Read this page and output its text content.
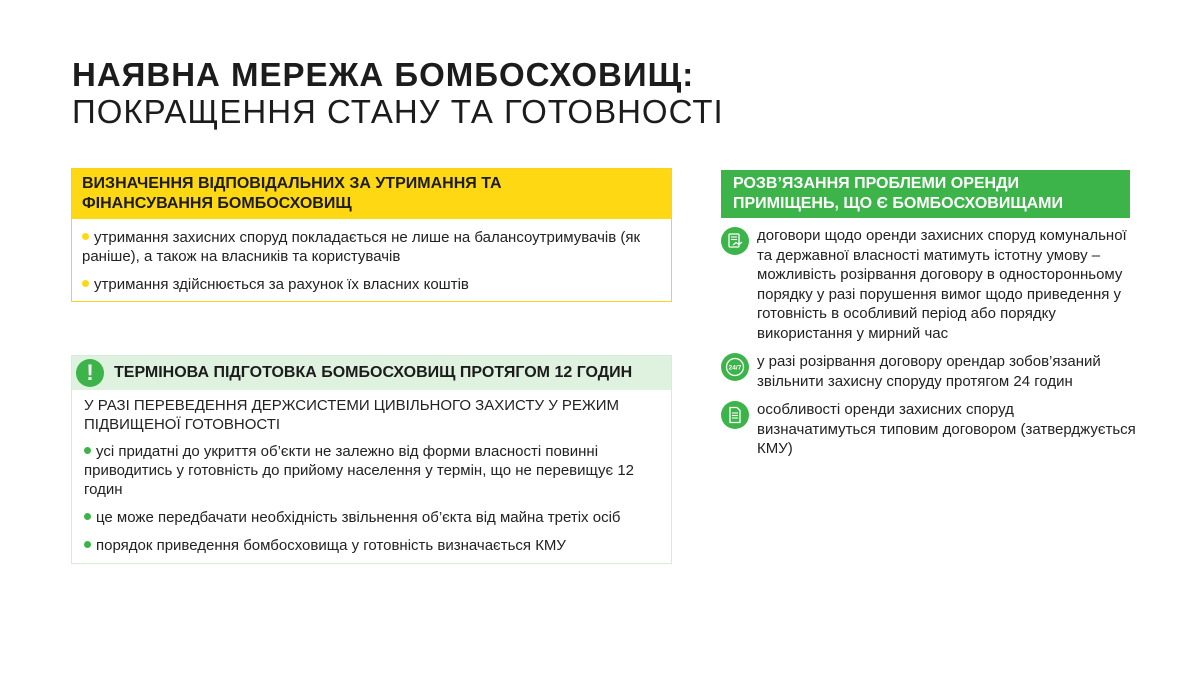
НАЯВНА МЕРЕЖА БОМБОСХОВИЩ:
ПОКРАЩЕННЯ СТАНУ ТА ГОТОВНОСТІ
ВИЗНАЧЕННЯ ВІДПОВІДАЛЬНИХ ЗА УТРИМАННЯ ТА
ФІНАНСУВАННЯ БОМБОСХОВИЩ
утримання захисних споруд покладається не лише на балансоутримувачів (як раніше), а також на власників та користувачів
утримання здійснюється за рахунок їх власних коштів
!	ТЕРМІНОВА ПІДГОТОВКА БОМБОСХОВИЩ ПРОТЯГОМ 12 ГОДИН
У РАЗІ ПЕРЕВЕДЕННЯ ДЕРЖСИСТЕМИ ЦИВІЛЬНОГО ЗАХИСТУ У РЕЖИМ ПІДВИЩЕНОЇ ГОТОВНОСТІ
усі придатні до укриття об’єкти не залежно від форми власності повинні приводитись у готовність до прийому населення у термін, що не перевищує 12 годин
це може передбачати необхідність звільнення об’єкта від майна третіх осіб
порядок приведення бомбосховища у готовність визначається КМУ
РОЗВ’ЯЗАННЯ ПРОБЛЕМИ ОРЕНДИ
ПРИМІЩЕНЬ, ЩО Є БОМБОСХОВИЩАМИ
договори щодо оренди захисних споруд комунальної та державної власності матимуть істотну умову – можливість розірвання договору в односторонньому порядку у разі порушення вимог щодо приведення у готовність в особливий період або порядку використання у мирний час
24/7 у разі розірвання договору орендар зобов’язаний звільнити захисну споруду протягом 24 годин
особливості оренди захисних споруд визначатимуться типовим договором (затверджується КМУ)
